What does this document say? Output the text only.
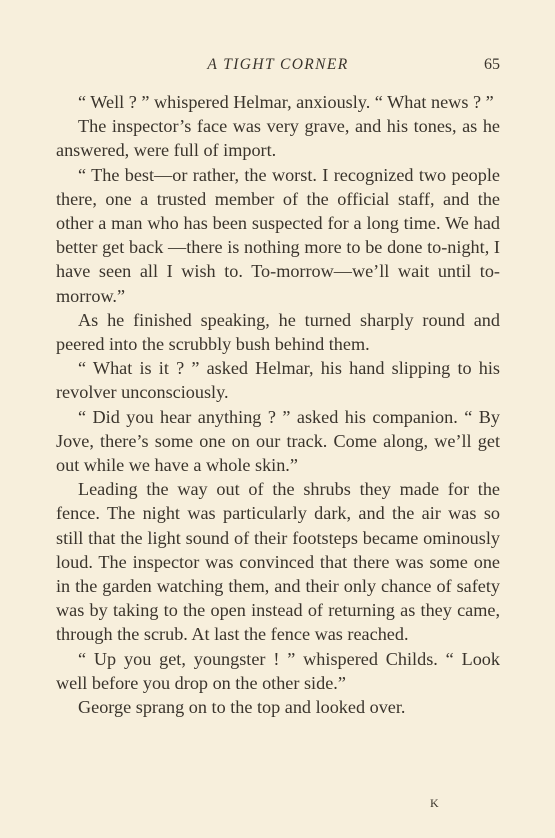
A TIGHT CORNER	65

“ Well ? ” whispered Helmar, anxiously. “ What news ? ”

The inspector’s face was very grave, and his tones, as he answered, were full of import.

“ The best—or rather, the worst. I recognized two people there, one a trusted member of the official staff, and the other a man who has been suspected for a long time. We had better get back —there is nothing more to be done to-night, I have seen all I wish to. To-morrow—we’ll wait until to-morrow.”

As he finished speaking, he turned sharply round and peered into the scrubbly bush behind them.

“ What is it ? ” asked Helmar, his hand slipping to his revolver unconsciously.

“ Did you hear anything ? ” asked his companion. “ By Jove, there’s some one on our track. Come along, we’ll get out while we have a whole skin.”

Leading the way out of the shrubs they made for the fence. The night was particularly dark, and the air was so still that the light sound of their footsteps became ominously loud. The inspector was convinced that there was some one in the garden watching them, and their only chance of safety was by taking to the open instead of returning as they came, through the scrub. At last the fence was reached.

“ Up you get, youngster ! ” whispered Childs. “ Look well before you drop on the other side.”

George sprang on to the top and looked over.

K
